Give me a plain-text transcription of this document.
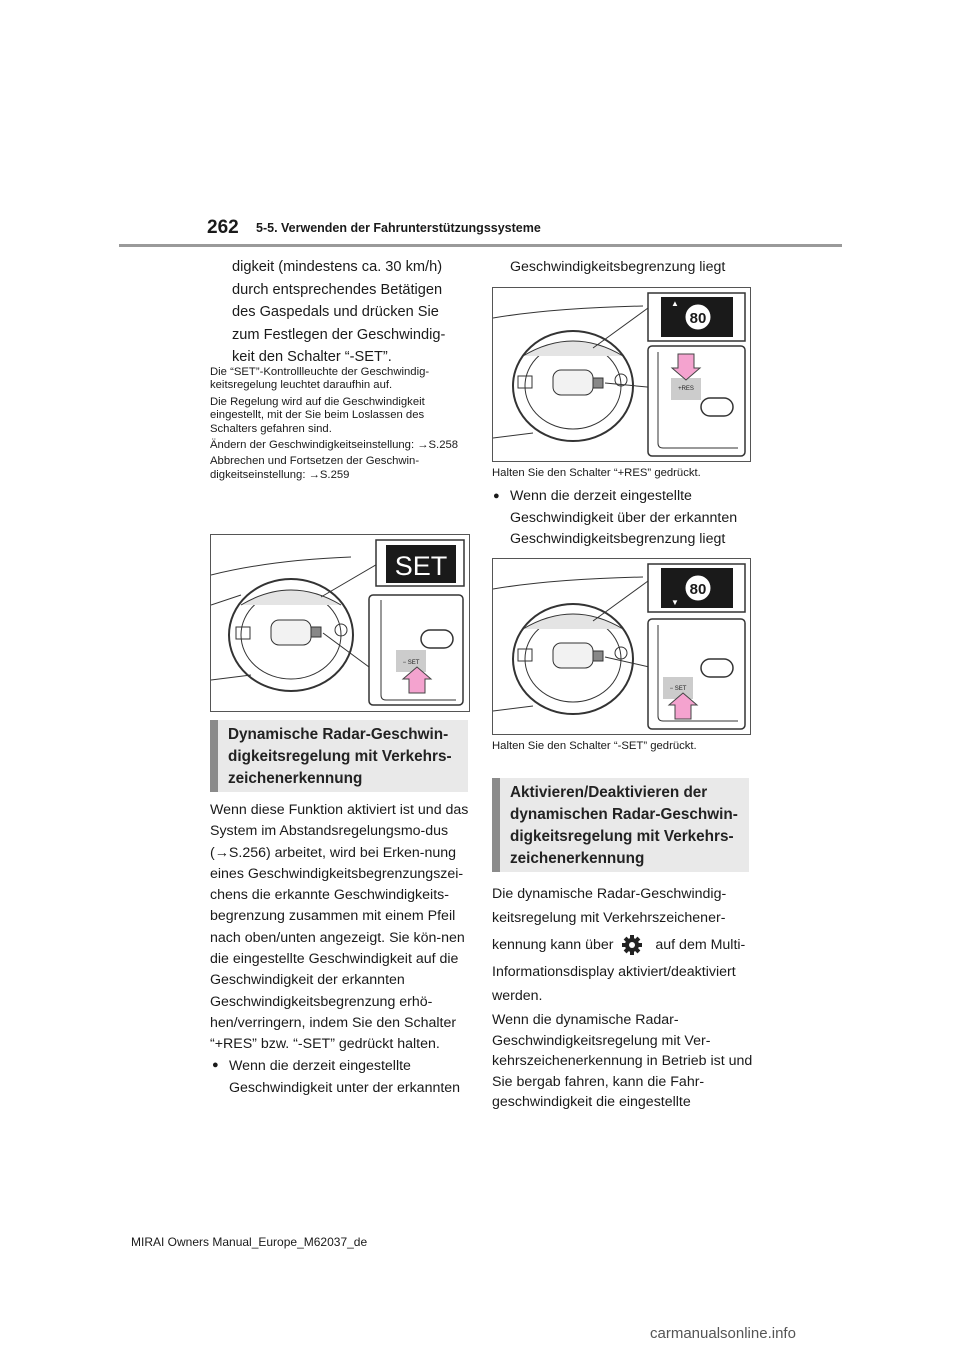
262 5-5. Verwenden der Fahrunterstützungssysteme
digkeit (mindestens ca. 30 km/h)
durch entsprechendes Betätigen
des Gaspedals und drücken Sie
zum Festlegen der Geschwindig-
keit den Schalter “-SET”.

Die “SET”-Kontrollleuchte der Geschwindig-keitsregelung leuchtet daraufhin auf.

Die Regelung wird auf die Geschwindigkeit eingestellt, mit der Sie beim Loslassen des Schalters gefahren sind.

Ändern der Geschwindigkeitseinstellung: →S.258

Abbrechen und Fortsetzen der Geschwin-digkeitseinstellung: →S.259

SET
− SET
Dynamische Radar-Geschwin-digkeitsregelung mit Verkehrs-zeichenerkennung
Wenn diese Funktion aktiviert ist und das System im Abstandsregelungsmo-dus (→S.256) arbeitet, wird bei Erken-nung eines Geschwindigkeitsbegrenzungszei-chens die erkannte Geschwindigkeits-begrenzung zusammen mit einem Pfeil nach oben/unten angezeigt. Sie kön-nen die eingestellte Geschwindigkeit auf die Geschwindigkeit der erkannten Geschwindigkeitsbegrenzung erhö-hen/verringern, indem Sie den Schalter “+RES” bzw. “-SET” gedrückt halten.
● Wenn die derzeit eingestellte Geschwindigkeit unter der erkannten
Geschwindigkeitsbegrenzung liegt
80
▲
+RES
Halten Sie den Schalter “+RES” gedrückt.
● Wenn die derzeit eingestellte Geschwindigkeit über der erkannten Geschwindigkeitsbegrenzung liegt
80
▼
− SET
Halten Sie den Schalter “-SET” gedrückt.
Aktivieren/Deaktivieren der dynamischen Radar-Geschwin-digkeitsregelung mit Verkehrs-zeichenerkennung
Die dynamische Radar-Geschwindig-
keitsregelung mit Verkehrszeichener-
kennung kann über	auf dem Multi-
Informationsdisplay aktiviert/deaktiviert
werden.
Wenn die dynamische Radar-Geschwindigkeitsregelung mit Ver-kehrszeichenerkennung in Betrieb ist und Sie bergab fahren, kann die Fahr-geschwindigkeit die eingestellte
MIRAI Owners Manual_Europe_M62037_de
carmanualsonline.info
